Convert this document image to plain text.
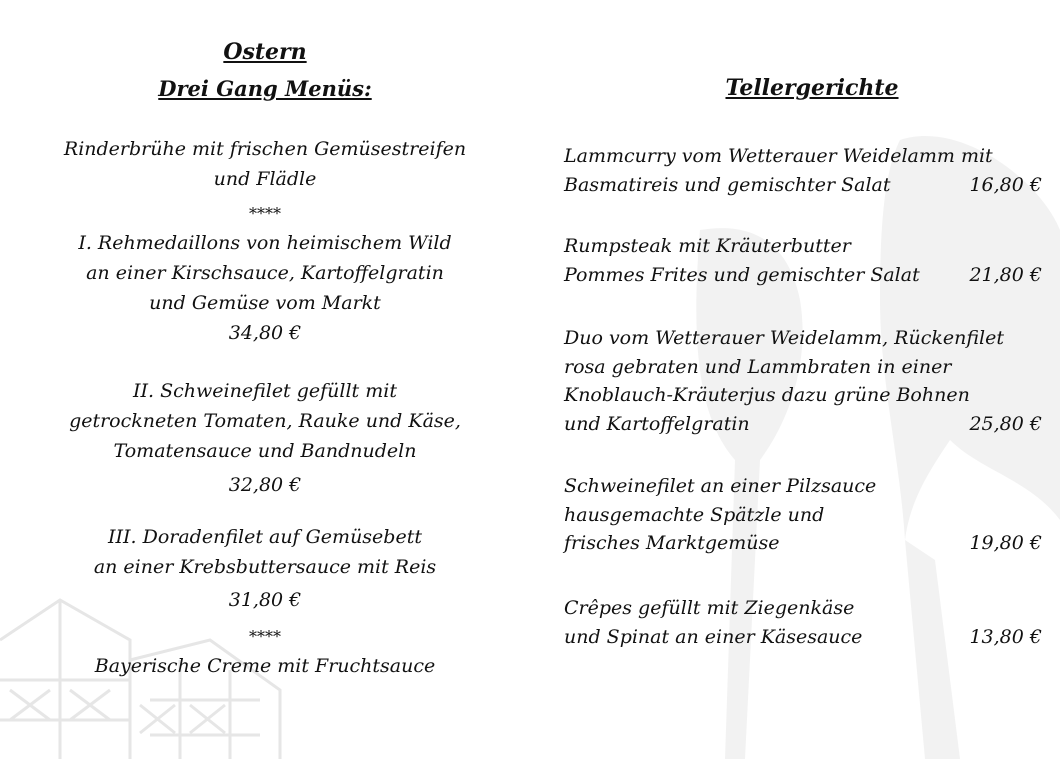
Ostern
Drei Gang Menüs:
Rinderbrühe mit frischen Gemüsestreifen
und Flädle
****
I. Rehmedaillons von heimischem Wild
an einer Kirschsauce, Kartoffelgratin
und Gemüse vom Markt
34,80 €
II. Schweinefilet gefüllt mit
getrockneten Tomaten, Rauke und Käse,
Tomatensauce und Bandnudeln
32,80 €
III. Doradenfilet auf Gemüsebett
an einer Krebsbuttersauce mit Reis
31,80 €
****
Bayerische Creme mit Fruchtsauce
Tellergerichte
Lammcurry vom Wetterauer Weidelamm mit
Basmatireis und gemischter Salat	16,80 €
Rumpsteak mit Kräuterbutter
Pommes Frites und gemischter Salat	21,80 €
Duo vom Wetterauer Weidelamm, Rückenfilet
rosa gebraten und Lammbraten in einer
Knoblauch-Kräuterjus dazu grüne Bohnen
und Kartoffelgratin	25,80 €
Schweinefilet an einer Pilzsauce
hausgemachte Spätzle und
frisches Marktgemüse	19,80 €
Crêpes gefüllt mit Ziegenkäse
und Spinat an einer Käsesauce	13,80 €
